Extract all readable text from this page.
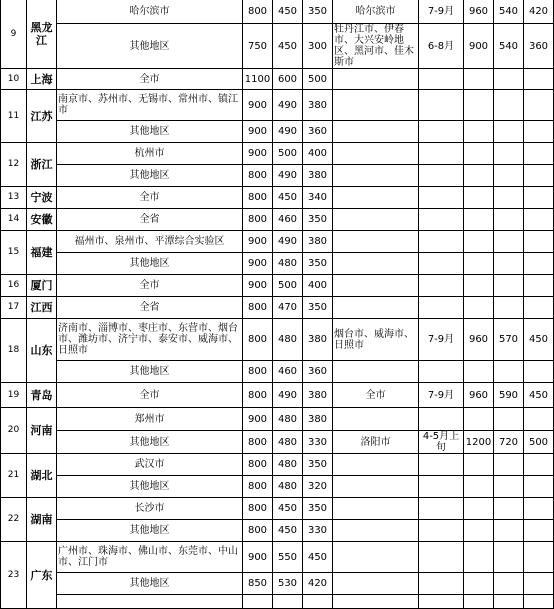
9	黑龙江	哈尔滨市	800	450	350	哈尔滨市	7-9月	960	540	420
		其他地区	750	450	300	牡丹江市、伊春市、大兴安岭地区、黑河市、佳木斯市	6-8月	900	540	360
10	上海	全市	1100	600	500					
11	江苏	南京市、苏州市、无锡市、常州市、镇江市	900	490	380					
		其他地区	900	490	360					
12	浙江	杭州市	900	500	400					
		其他地区	800	490	380					
13	宁波	全市	800	450	340					
14	安徽	全省	800	460	350					
15	福建	福州市、泉州市、平潭综合实验区	900	490	380					
		其他地区	900	480	350					
16	厦门	全市	900	500	400					
17	江西	全省	800	470	350					
18	山东	济南市、淄博市、枣庄市、东营市、烟台市、潍坊市、济宁市、泰安市、威海市、日照市	800	480	380	烟台市、威海市、日照市	7-9月	960	570	450
		其他地区	800	460	360					
19	青岛	全市	800	490	380	全市	7-9月	960	590	450
20	河南	郑州市	900	480	380					
		其他地区	800	480	330	洛阳市	4-5月上旬	1200	720	500
21	湖北	武汉市	800	480	350					
		其他地区	800	480	320					
22	湖南	长沙市	800	450	350					
		其他地区	800	450	330					
23	广东	广州市、珠海市、佛山市、东莞市、中山市、江门市	900	550	450					
		其他地区	850	530	420					
